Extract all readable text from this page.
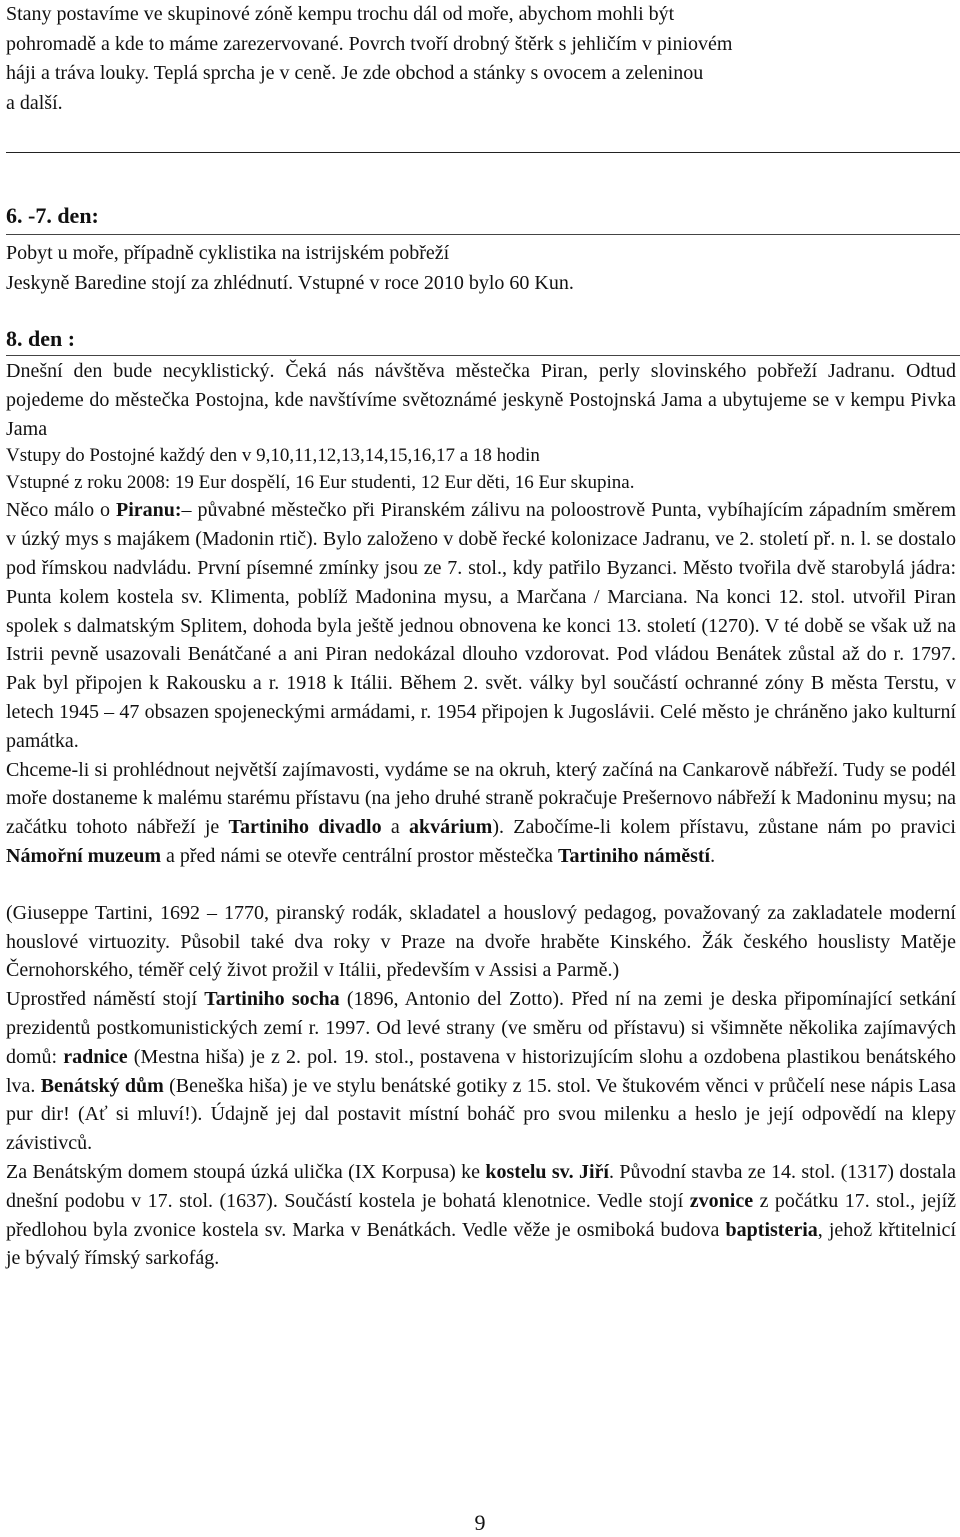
Stany postavíme ve skupinové zóně kempu trochu dál od moře, abychom mohli být

pohromadě a kde to máme zarezervované. Povrch tvoří drobný štěrk s jehličím v piniovém

háji a tráva louky. Teplá sprcha je v ceně. Je zde obchod a stánky s ovocem a zeleninou

a další.

6. -7. den:

Pobyt u moře, případně cyklistika na istrijském pobřeží

Jeskyně Baredine stojí za zhlédnutí. Vstupné v roce 2010 bylo 60 Kun.

8. den :

Dnešní den bude necyklistický. Čeká nás návštěva městečka Piran, perly slovinského pobřeží Jadranu. Odtud pojedeme do městečka Postojna, kde navštívíme světoznámé jeskyně Postojnská Jama a ubytujeme se v kempu Pivka Jama

Vstupy do Postojné každý den v 9,10,11,12,13,14,15,16,17 a 18 hodin

Vstupné z roku 2008: 19 Eur dospělí, 16 Eur studenti, 12 Eur děti, 16 Eur skupina.

Něco málo o Piranu:– půvabné městečko při Piranském zálivu na poloostrově Punta, vybíhajícím západním směrem v úzký mys s majákem (Madonin rtič). Bylo založeno v době řecké kolonizace Jadranu, ve 2. století př. n. l. se dostalo pod římskou nadvládu. První písemné zmínky jsou ze 7. stol., kdy patřilo Byzanci. Město tvořila dvě starobylá jádra: Punta kolem kostela sv. Klimenta, poblíž Madonina mysu, a Marčana / Marciana. Na konci 12. stol. utvořil Piran spolek s dalmatským Splitem, dohoda byla ještě jednou obnovena ke konci 13. století (1270). V té době se však už na Istrii pevně usazovali Benátčané a ani Piran nedokázal dlouho vzdorovat. Pod vládou Benátek zůstal až do r. 1797. Pak byl připojen k Rakousku a r. 1918 k Itálii. Během 2. svět. války byl součástí ochranné zóny B města Terstu, v letech 1945 – 47 obsazen spojeneckými armádami, r. 1954 připojen k Jugoslávii. Celé město je chráněno jako kulturní památka.

Chceme-li si prohlédnout největší zajímavosti, vydáme se na okruh, který začíná na Cankarově nábřeží. Tudy se podél moře dostaneme k malému starému přístavu (na jeho druhé straně pokračuje Prešernovo nábřeží k Madoninu mysu; na začátku tohoto nábřeží je Tartiniho divadlo a akvárium). Zabočíme-li kolem přístavu, zůstane nám po pravici Námořní muzeum a před námi se otevře centrální prostor městečka Tartiniho náměstí.

(Giuseppe Tartini, 1692 – 1770, piranský rodák, skladatel a houslový pedagog, považovaný za zakladatele moderní houslové virtuozity. Působil také dva roky v Praze na dvoře hraběte Kinského. Žák českého houslisty Matěje Černohorského, téměř celý život prožil v Itálii, především v Assisi a Parmě.)

Uprostřed náměstí stojí Tartiniho socha (1896, Antonio del Zotto). Před ní na zemi je deska připomínající setkání prezidentů postkomunistických zemí r. 1997. Od levé strany (ve směru od přístavu) si všimněte několika zajímavých domů: radnice (Mestna hiša) je z 2. pol. 19. stol., postavena v historizujícím slohu a ozdobena plastikou benátského lva. Benátský dům (Beneška hiša) je ve stylu benátské gotiky z 15. stol. Ve štukovém věnci v průčelí nese nápis Lasa pur dir! (Ať si mluví!). Údajně jej dal postavit místní boháč pro svou milenku a heslo je její odpovědí na klepy závistivců.

Za Benátským domem stoupá úzká ulička (IX Korpusa) ke kostelu sv. Jiří. Původní stavba ze 14. stol. (1317) dostala dnešní podobu v 17. stol. (1637). Součástí kostela je bohatá klenotnice. Vedle stojí zvonice z počátku 17. stol., jejíž předlohou byla zvonice kostela sv. Marka v Benátkách. Vedle věže je osmiboká budova baptisteria, jehož křtitelnicí je bývalý římský sarkofág.

9
